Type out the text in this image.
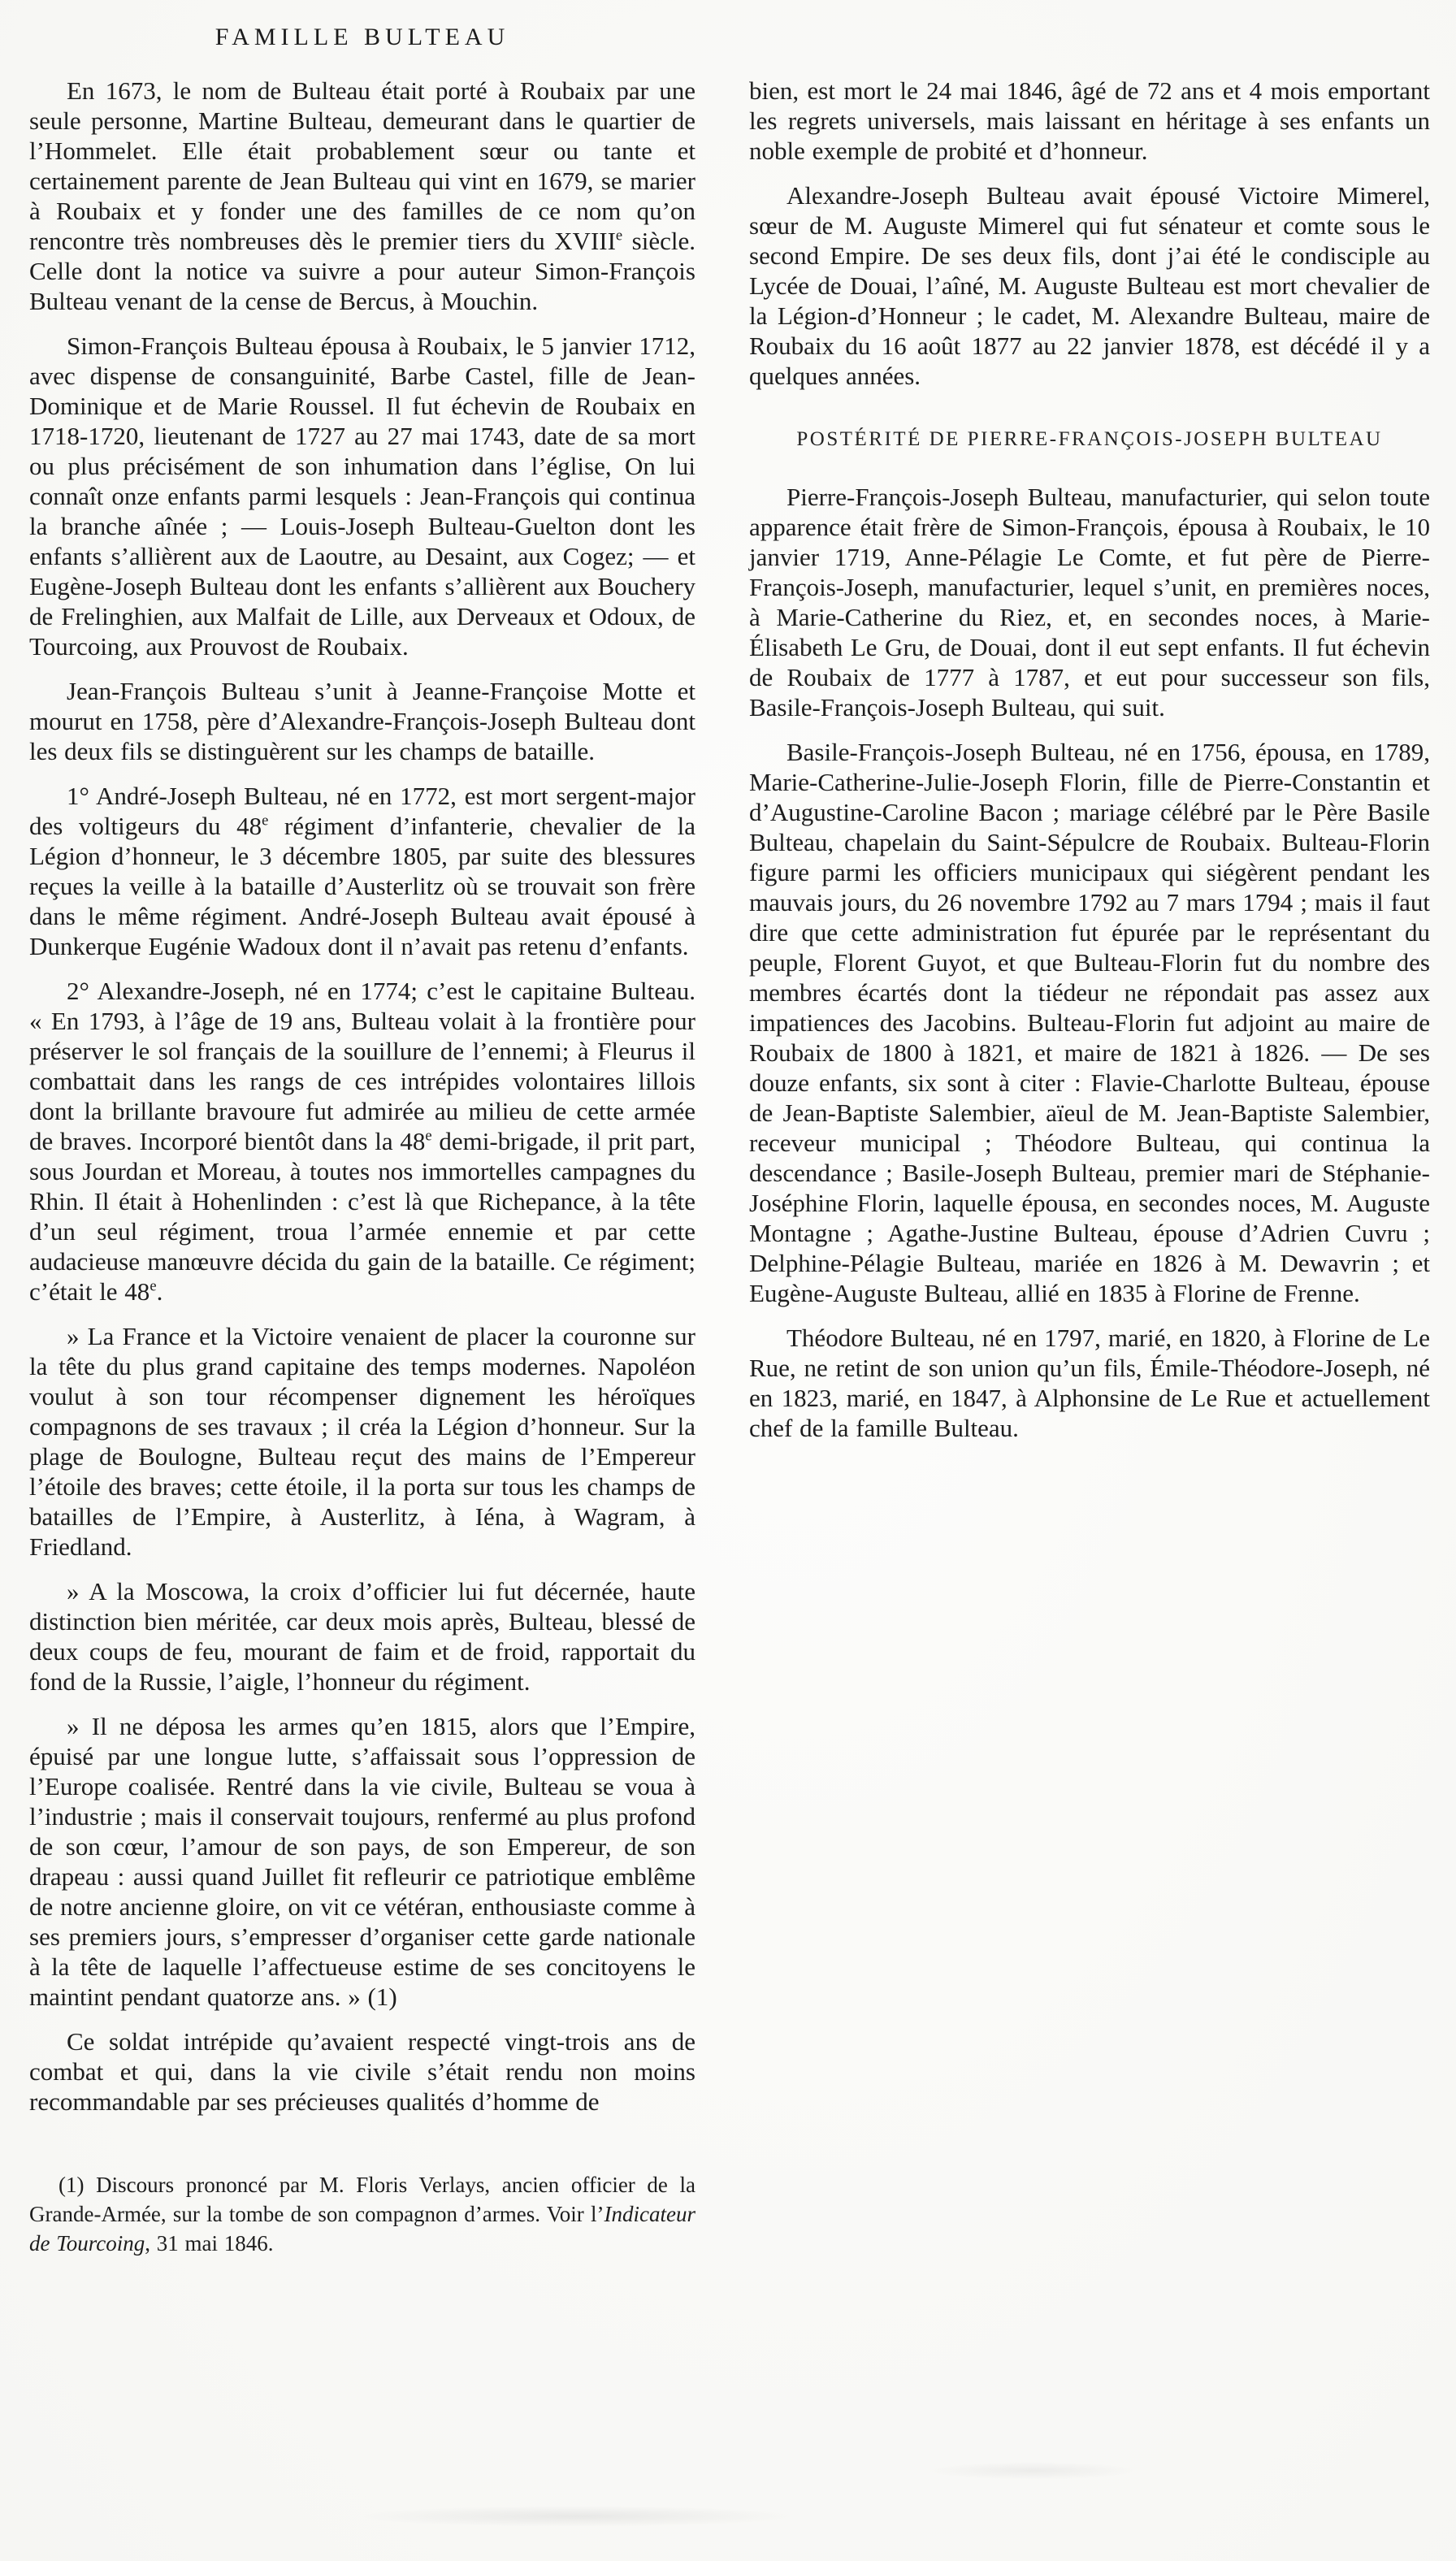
FAMILLE BULTEAU

En 1673, le nom de Bulteau était porté à Roubaix par une seule personne, Martine Bulteau, demeurant dans le quartier de l’Hommelet. Elle était probablement sœur ou tante et certainement parente de Jean Bulteau qui vint en 1679, se marier à Roubaix et y fonder une des familles de ce nom qu’on rencontre très nombreuses dès le premier tiers du XVIIIe siècle. Celle dont la notice va suivre a pour auteur Simon-François Bulteau venant de la cense de Bercus, à Mouchin.

Simon-François Bulteau épousa à Roubaix, le 5 janvier 1712, avec dispense de consanguinité, Barbe Castel, fille de Jean-Dominique et de Marie Roussel. Il fut échevin de Roubaix en 1718-1720, lieutenant de 1727 au 27 mai 1743, date de sa mort ou plus précisément de son inhumation dans l’église, On lui connaît onze enfants parmi lesquels : Jean-François qui continua la branche aînée ; — Louis-Joseph Bulteau-Guelton dont les enfants s’allièrent aux de Laoutre, au Desaint, aux Cogez; — et Eugène-Joseph Bulteau dont les enfants s’allièrent aux Bouchery de Frelinghien, aux Malfait de Lille, aux Derveaux et Odoux, de Tourcoing, aux Prouvost de Roubaix.

Jean-François Bulteau s’unit à Jeanne-Françoise Motte et mourut en 1758, père d’Alexandre-François-Joseph Bulteau dont les deux fils se distinguèrent sur les champs de bataille.

1° André-Joseph Bulteau, né en 1772, est mort sergent-major des voltigeurs du 48e régiment d’infanterie, chevalier de la Légion d’honneur, le 3 décembre 1805, par suite des blessures reçues la veille à la bataille d’Austerlitz où se trouvait son frère dans le même régiment. André-Joseph Bulteau avait épousé à Dunkerque Eugénie Wadoux dont il n’avait pas retenu d’enfants.

2° Alexandre-Joseph, né en 1774; c’est le capitaine Bulteau. « En 1793, à l’âge de 19 ans, Bulteau volait à la frontière pour préserver le sol français de la souillure de l’ennemi; à Fleurus il combattait dans les rangs de ces intrépides volontaires lillois dont la brillante bravoure fut admirée au milieu de cette armée de braves. Incorporé bientôt dans la 48e demi-brigade, il prit part, sous Jourdan et Moreau, à toutes nos immortelles campagnes du Rhin. Il était à Hohenlinden : c’est là que Richepance, à la tête d’un seul régiment, troua l’armée ennemie et par cette audacieuse manœuvre décida du gain de la bataille. Ce régiment; c’était le 48e.

» La France et la Victoire venaient de placer la couronne sur la tête du plus grand capitaine des temps modernes. Napoléon voulut à son tour récompenser dignement les héroïques compagnons de ses travaux ; il créa la Légion d’honneur. Sur la plage de Boulogne, Bulteau reçut des mains de l’Empereur l’étoile des braves; cette étoile, il la porta sur tous les champs de batailles de l’Empire, à Austerlitz, à Iéna, à Wagram, à Friedland.

» A la Moscowa, la croix d’officier lui fut décernée, haute distinction bien méritée, car deux mois après, Bulteau, blessé de deux coups de feu, mourant de faim et de froid, rapportait du fond de la Russie, l’aigle, l’honneur du régiment.

» Il ne déposa les armes qu’en 1815, alors que l’Empire, épuisé par une longue lutte, s’affaissait sous l’oppression de l’Europe coalisée. Rentré dans la vie civile, Bulteau se voua à l’industrie ; mais il conservait toujours, renfermé au plus profond de son cœur, l’amour de son pays, de son Empereur, de son drapeau : aussi quand Juillet fit refleurir ce patriotique emblême de notre ancienne gloire, on vit ce vétéran, enthousiaste comme à ses premiers jours, s’empresser d’organiser cette garde nationale à la tête de laquelle l’affectueuse estime de ses concitoyens le maintint pendant quatorze ans. » (1)

Ce soldat intrépide qu’avaient respecté vingt-trois ans de combat et qui, dans la vie civile s’était rendu non moins recommandable par ses précieuses qualités d’homme de

(1) Discours prononcé par M. Floris Verlays, ancien officier de la Grande-Armée, sur la tombe de son compagnon d’armes. Voir l’Indicateur de Tourcoing, 31 mai 1846.

bien, est mort le 24 mai 1846, âgé de 72 ans et 4 mois emportant les regrets universels, mais laissant en héritage à ses enfants un noble exemple de probité et d’honneur.

Alexandre-Joseph Bulteau avait épousé Victoire Mimerel, sœur de M. Auguste Mimerel qui fut sénateur et comte sous le second Empire. De ses deux fils, dont j’ai été le condisciple au Lycée de Douai, l’aîné, M. Auguste Bulteau est mort chevalier de la Légion-d’Honneur ; le cadet, M. Alexandre Bulteau, maire de Roubaix du 16 août 1877 au 22 janvier 1878, est décédé il y a quelques années.

POSTÉRITÉ DE PIERRE-FRANÇOIS-JOSEPH BULTEAU

Pierre-François-Joseph Bulteau, manufacturier, qui selon toute apparence était frère de Simon-François, épousa à Roubaix, le 10 janvier 1719, Anne-Pélagie Le Comte, et fut père de Pierre-François-Joseph, manufacturier, lequel s’unit, en premières noces, à Marie-Catherine du Riez, et, en secondes noces, à Marie-Élisabeth Le Gru, de Douai, dont il eut sept enfants. Il fut échevin de Roubaix de 1777 à 1787, et eut pour successeur son fils, Basile-François-Joseph Bulteau, qui suit.

Basile-François-Joseph Bulteau, né en 1756, épousa, en 1789, Marie-Catherine-Julie-Joseph Florin, fille de Pierre-Constantin et d’Augustine-Caroline Bacon ; mariage célébré par le Père Basile Bulteau, chapelain du Saint-Sépulcre de Roubaix. Bulteau-Florin figure parmi les officiers municipaux qui siégèrent pendant les mauvais jours, du 26 novembre 1792 au 7 mars 1794 ; mais il faut dire que cette administration fut épurée par le représentant du peuple, Florent Guyot, et que Bulteau-Florin fut du nombre des membres écartés dont la tiédeur ne répondait pas assez aux impatiences des Jacobins. Bulteau-Florin fut adjoint au maire de Roubaix de 1800 à 1821, et maire de 1821 à 1826. — De ses douze enfants, six sont à citer : Flavie-Charlotte Bulteau, épouse de Jean-Baptiste Salembier, aïeul de M. Jean-Baptiste Salembier, receveur municipal ; Théodore Bulteau, qui continua la descendance ; Basile-Joseph Bulteau, premier mari de Stéphanie-Joséphine Florin, laquelle épousa, en secondes noces, M. Auguste Montagne ; Agathe-Justine Bulteau, épouse d’Adrien Cuvru ; Delphine-Pélagie Bulteau, mariée en 1826 à M. Dewavrin ; et Eugène-Auguste Bulteau, allié en 1835 à Florine de Frenne.

Théodore Bulteau, né en 1797, marié, en 1820, à Florine de Le Rue, ne retint de son union qu’un fils, Émile-Théodore-Joseph, né en 1823, marié, en 1847, à Alphonsine de Le Rue et actuellement chef de la famille Bulteau.
